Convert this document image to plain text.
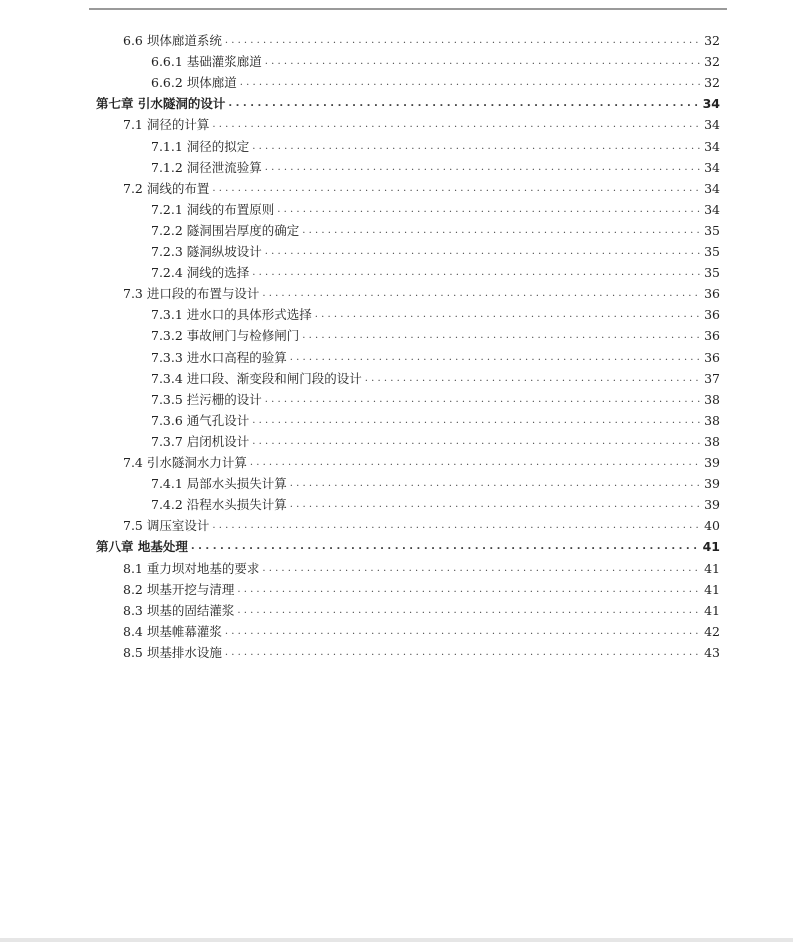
6.6 坝体廊道系统 . . .	32
6.6.1 基础灌浆廊道 . . .	32
6.6.2 坝体廊道 . . .	32
第七章 引水隧洞的设计 . . .	34
7.1 洞径的计算 . . .	34
7.1.1 洞径的拟定 . . .	34
7.1.2 洞径泄流验算 . . .	34
7.2 洞线的布置 . . .	34
7.2.1 洞线的布置原则 . . .	34
7.2.2 隧洞围岩厚度的确定 . . .	35
7.2.3 隧洞纵坡设计 . . .	35
7.2.4 洞线的选择 . . .	35
7.3 进口段的布置与设计 . . .	36
7.3.1 进水口的具体形式选择 . . .	36
7.3.2 事故闸门与检修闸门 . . .	36
7.3.3 进水口高程的验算 . . .	36
7.3.4 进口段、渐变段和闸门段的设计 . . .	37
7.3.5 拦污栅的设计 . . .	38
7.3.6 通气孔设计 . . .	38
7.3.7 启闭机设计 . . .	38
7.4 引水隧洞水力计算 . . .	39
7.4.1 局部水头损失计算 . . .	39
7.4.2 沿程水头损失计算 . . .	39
7.5 调压室设计 . . .	40
第八章 地基处理 . . .	41
8.1 重力坝对地基的要求 . . .	41
8.2 坝基开挖与清理 . . .	41
8.3 坝基的固结灌浆 . . .	41
8.4 坝基帷幕灌浆 . . .	42
8.5 坝基排水设施 . . .	43
